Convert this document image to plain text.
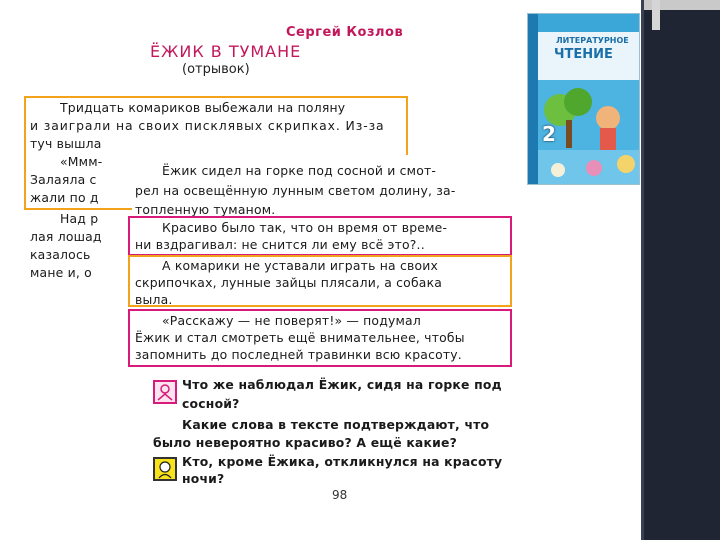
Сергей Козлов
ЁЖИК В ТУМАНЕ
(отрывок)
Тридцать комариков выбежали на поляну
и заиграли на своих писклявых скрипках. Из-за
туч вышла
«Ммм-
Залаяла с
жали по д
Над р
лая лошад
казалось
мане и, о
Ёжик сидел на горке под сосной и смот-
рел на освещённую лунным светом долину, за-
топленную туманом.
Красиво было так, что он время от време-
ни вздрагивал: не снится ли ему всё это?..
А комарики не уставали играть на своих
скрипочках, лунные зайцы плясали, а собака
выла.
«Расскажу — не поверят!» — подумал
Ёжик и стал смотреть ещё внимательнее, чтобы
запомнить до последней травинки всю красоту.
ЛИТЕРАТУРНОЕ
ЧТЕНИЕ
2
Что же наблюдал Ёжик, сидя на горке под
сосной?
Какие слова в тексте подтверждают, что
было невероятно красиво? А ещё какие?
Кто, кроме Ёжика, откликнулся на красоту
ночи?
98
